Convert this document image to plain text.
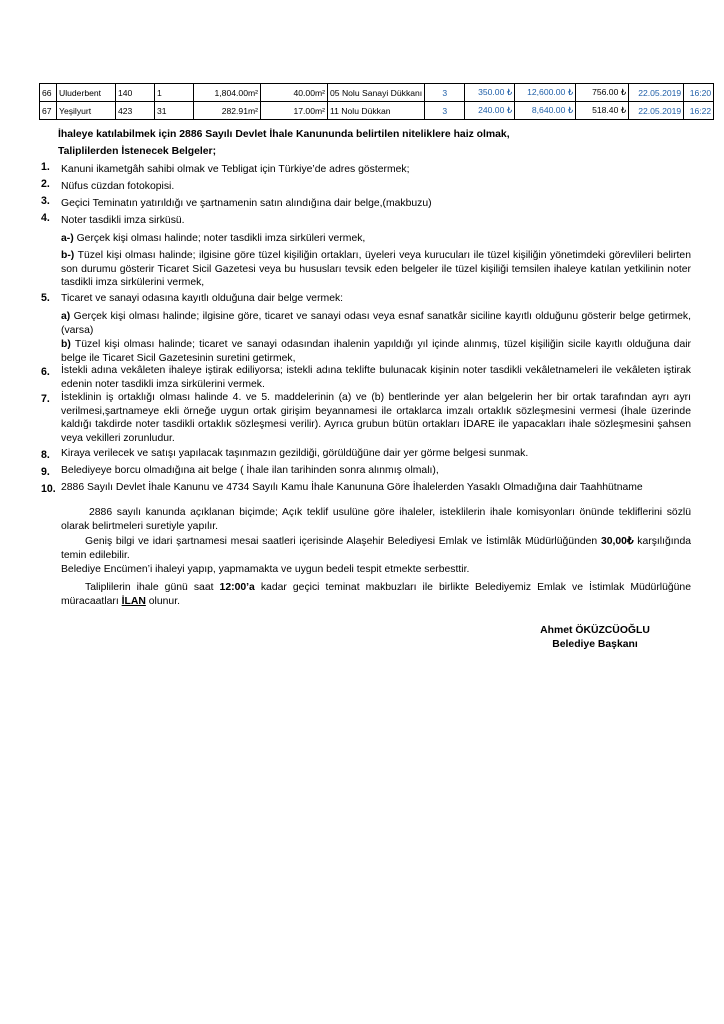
66	Uluderbent	140	1	1,804.00m²	40.00m²	05 Nolu Sanayi Dükkanı	3	350.00 ₺	12,600.00 ₺	756.00 ₺	22.05.2019	16:20
67	Yeşilyurt	423	31	282.91m²	17.00m²	11 Nolu Dükkan	3	240.00 ₺	8,640.00 ₺	518.40 ₺	22.05.2019	16:22
İhaleye katılabilmek için 2886 Sayılı Devlet İhale Kanununda belirtilen niteliklere haiz olmak,
Taliplilerden İstenecek Belgeler;
1. Kanuni ikametgâh sahibi olmak ve Tebligat için Türkiye’de adres göstermek;
2. Nüfus cüzdan fotokopisi.
3. Geçici Teminatın yatırıldığı ve şartnamenin satın alındığına dair belge,(makbuzu)
4. Noter tasdikli imza sirküsü.
a-) Gerçek kişi olması halinde; noter tasdikli imza sirküleri vermek,
b-) Tüzel kişi olması halinde; ilgisine göre tüzel kişiliğin ortakları, üyeleri veya kurucuları ile tüzel kişiliğin yönetimdeki görevlileri belirten son durumu gösterir Ticaret Sicil Gazetesi veya bu hususları tevsik eden belgeler ile tüzel kişiliği temsilen ihaleye katılan yetkilinin noter tasdikli imza sirkülerini vermek,
5. Ticaret ve sanayi odasına kayıtlı olduğuna dair belge vermek:
a) Gerçek kişi olması halinde; ilgisine göre, ticaret ve sanayi odası veya esnaf sanatkâr siciline kayıtlı olduğunu gösterir belge getirmek, (varsa)
b) Tüzel kişi olması halinde; ticaret ve sanayi odasından ihalenin yapıldığı yıl içinde alınmış, tüzel kişiliğin sicile kayıtlı olduğuna dair belge ile Ticaret Sicil Gazetesinin suretini getirmek,
6. İstekli adına vekâleten ihaleye iştirak ediliyorsa; istekli adına teklifte bulunacak kişinin noter tasdikli vekâletnameleri ile vekâleten iştirak edenin noter tasdikli imza sirkülerini vermek.
7. İsteklinin iş ortaklığı olması halinde 4. ve 5. maddelerinin (a) ve (b) bentlerinde yer alan belgelerin her bir ortak tarafından ayrı ayrı verilmesi,şartnameye ekli örneğe uygun ortak girişim beyannamesi ile ortaklarca imzalı ortaklık sözleşmesini vermesi (İhale üzerinde kaldığı takdirde noter tasdikli ortaklık sözleşmesi verilir). Ayrıca grubun bütün ortakları İDARE ile yapacakları ihale sözleşmesini şahsen veya vekilleri zorunludur.
8. Kiraya verilecek ve satışı yapılacak taşınmazın gezildiği, görüldüğüne dair yer görme belgesi sunmak.
9. Belediyeye borcu olmadığına ait belge ( İhale ilan tarihinden sonra alınmış olmalı),
10. 2886 Sayılı Devlet İhale Kanunu ve 4734 Sayılı Kamu İhale Kanununa Göre İhalelerden Yasaklı Olmadığına dair Taahhütname
2886 sayılı kanunda açıklanan biçimde; Açık teklif usulüne göre ihaleler, isteklilerin ihale komisyonları önünde tekliflerini sözlü olarak belirtmeleri suretiyle yapılır.
Geniş bilgi ve idari şartnamesi mesai saatleri içerisinde Alaşehir Belediyesi Emlak ve İstimlâk Müdürlüğünden 30,00₺ karşılığında temin edilebilir.
Belediye Encümen’i ihaleyi yapıp, yapmamakta ve uygun bedeli tespit etmekte serbesttir.
Taliplilerin ihale günü saat 12:00’a kadar geçici teminat makbuzları ile birlikte Belediyemiz Emlak ve İstimlak Müdürlüğüne müracaatları İLAN olunur.
Ahmet ÖKÜZCÜOĞLU
Belediye Başkanı
